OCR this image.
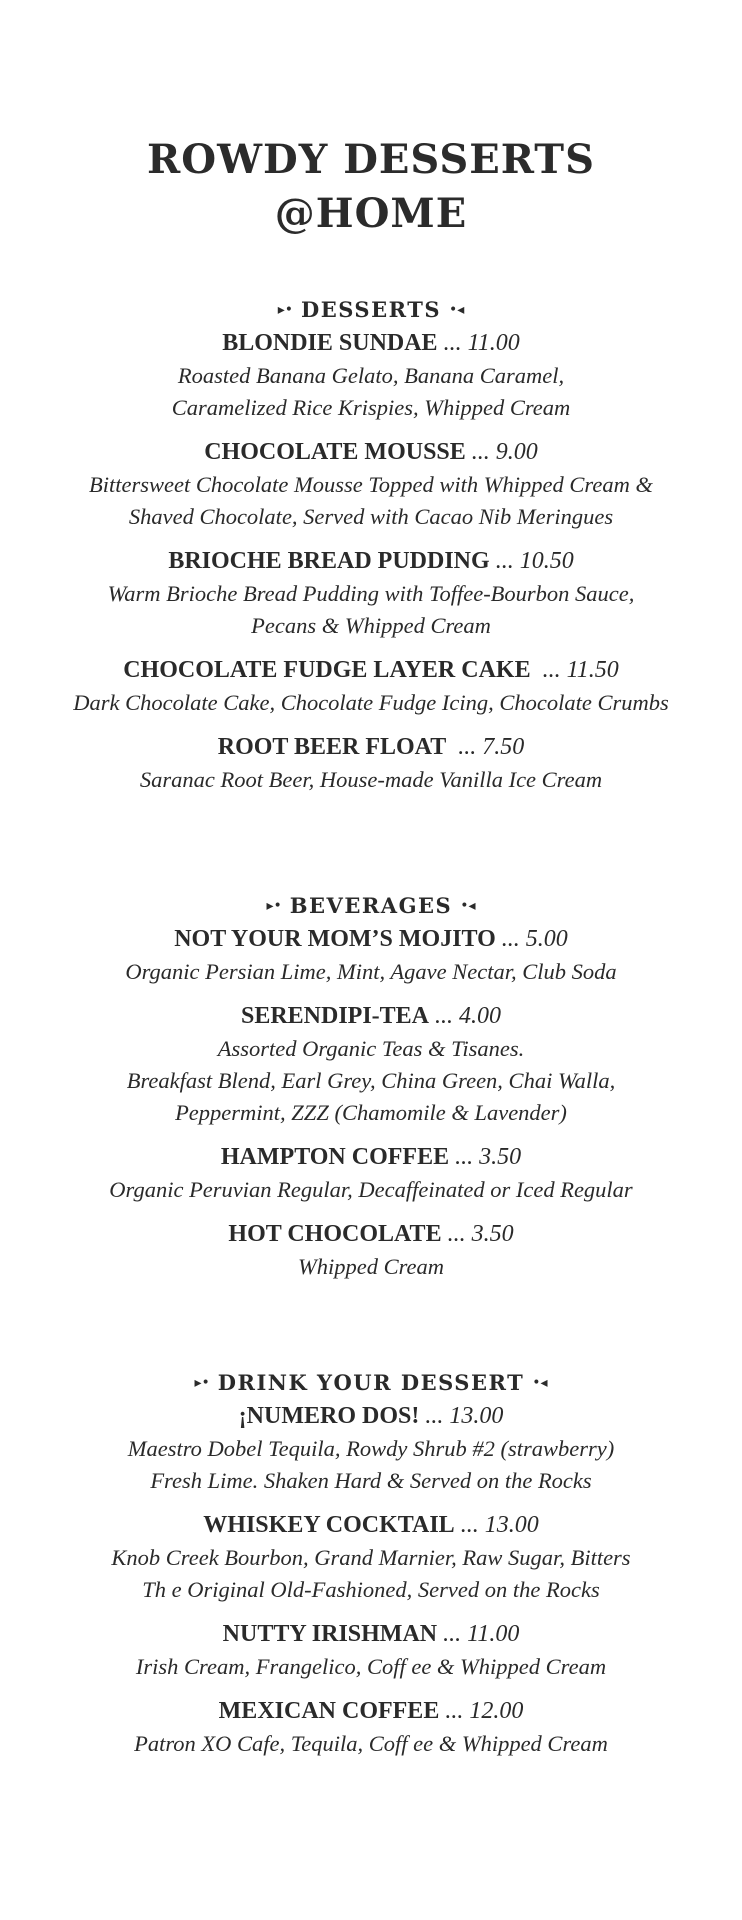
ROWDY DESSERTS
@HOME
▸• DESSERTS •◂
BLONDIE SUNDAE ... 11.00
Roasted Banana Gelato, Banana Caramel,
Caramelized Rice Krispies, Whipped Cream
CHOCOLATE MOUSSE ... 9.00
Bittersweet Chocolate Mousse Topped with Whipped Cream &
Shaved Chocolate, Served with Cacao Nib Meringues
BRIOCHE BREAD PUDDING ... 10.50
Warm Brioche Bread Pudding with Toffee-Bourbon Sauce,
Pecans & Whipped Cream
CHOCOLATE FUDGE LAYER CAKE  ... 11.50
Dark Chocolate Cake, Chocolate Fudge Icing, Chocolate Crumbs
ROOT BEER FLOAT  ... 7.50
Saranac Root Beer, House-made Vanilla Ice Cream
▸• BEVERAGES •◂
NOT YOUR MOM’S MOJITO ... 5.00
Organic Persian Lime, Mint, Agave Nectar, Club Soda
SERENDIPI-TEA ... 4.00
Assorted Organic Teas & Tisanes.
Breakfast Blend, Earl Grey, China Green, Chai Walla,
Peppermint, ZZZ (Chamomile & Lavender)
HAMPTON COFFEE ... 3.50
Organic Peruvian Regular, Decaffeinated or Iced Regular
HOT CHOCOLATE ... 3.50
Whipped Cream
▸• DRINK YOUR DESSERT •◂
¡NUMERO DOS! ... 13.00
Maestro Dobel Tequila, Rowdy Shrub #2 (strawberry)
Fresh Lime. Shaken Hard & Served on the Rocks
WHISKEY COCKTAIL ... 13.00
Knob Creek Bourbon, Grand Marnier, Raw Sugar, Bitters
Th e Original Old-Fashioned, Served on the Rocks
NUTTY IRISHMAN ... 11.00
Irish Cream, Frangelico, Coff ee & Whipped Cream
MEXICAN COFFEE ... 12.00
Patron XO Cafe, Tequila, Coff ee & Whipped Cream
